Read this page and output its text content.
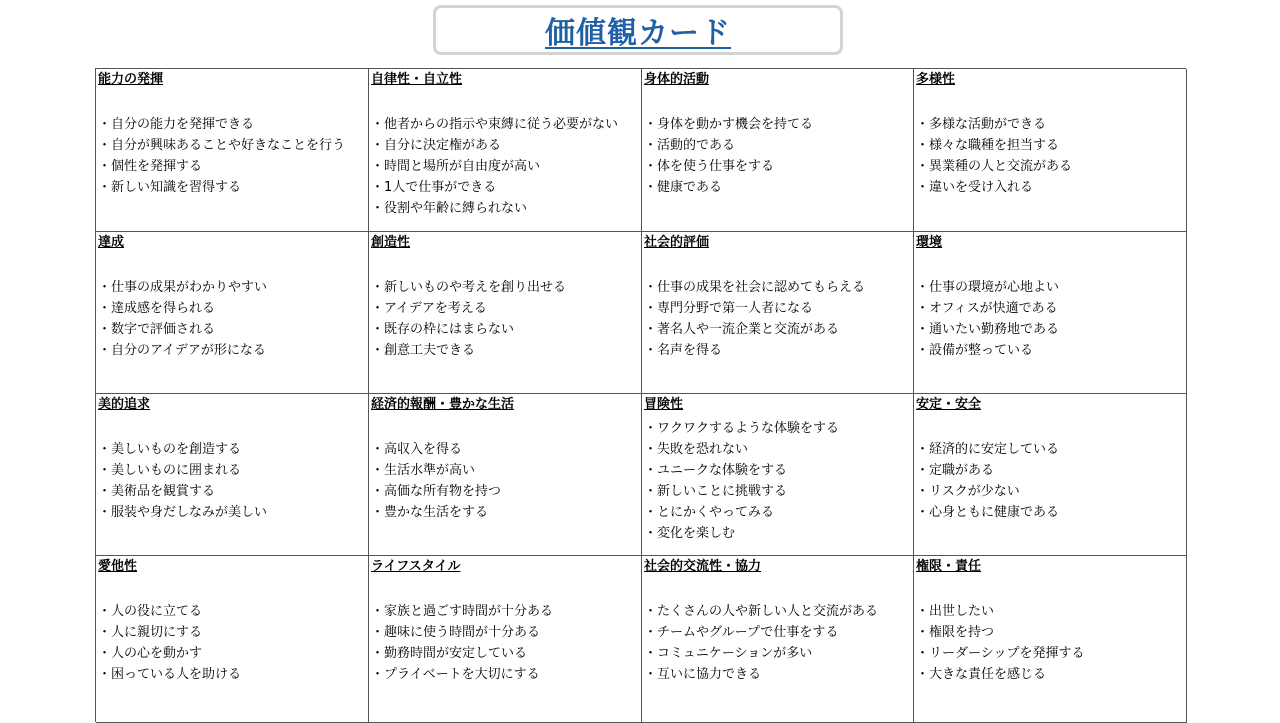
価値観カード
能力の発揮
・ 自分の能力を発揮できる
・ 自分が興味あることや好きなことを行う
・ 個性を発揮する
・ 新しい知識を習得する
自律性・自立性
・ 他者からの指示や束縛に従う必要がない
・ 自分に決定権がある
・ 時間と場所が自由度が高い
・ 1人で仕事ができる
・ 役割や年齢に縛られない
身体的活動
・ 身体を動かす機会を持てる
・ 活動的である
・ 体を使う仕事をする
・ 健康である
多様性
・ 多様な活動ができる
・ 様々な職種を担当する
・ 異業種の人と交流がある
・ 違いを受け入れる
達成
・ 仕事の成果がわかりやすい
・ 達成感を得られる
・ 数字で評価される
・ 自分のアイデアが形になる
創造性
・ 新しいものや考えを創り出せる
・ アイデアを考える
・ 既存の枠にはまらない
・ 創意工夫できる
社会的評価
・ 仕事の成果を社会に認めてもらえる
・ 専門分野で第一人者になる
・ 著名人や一流企業と交流がある
・ 名声を得る
環境
・ 仕事の環境が心地よい
・ オフィスが快適である
・ 通いたい勤務地である
・ 設備が整っている
美的追求
・ 美しいものを創造する
・ 美しいものに囲まれる
・ 美術品を観賞する
・ 服装や身だしなみが美しい
経済的報酬・豊かな生活
・ 高収入を得る
・ 生活水準が高い
・ 高価な所有物を持つ
・ 豊かな生活をする
冒険性
・ ワクワクするような体験をする
・ 失敗を恐れない
・ ユニークな体験をする
・ 新しいことに挑戦する
・ とにかくやってみる
・ 変化を楽しむ
安定・安全
・ 経済的に安定している
・ 定職がある
・ リスクが少ない
・ 心身ともに健康である
愛他性
・ 人の役に立てる
・ 人に親切にする
・ 人の心を動かす
・ 困っている人を助ける
ライフスタイル
・ 家族と過ごす時間が十分ある
・ 趣味に使う時間が十分ある
・ 勤務時間が安定している
・ プライベートを大切にする
社会的交流性・協力
・ たくさんの人や新しい人と交流がある
・ チームやグループで仕事をする
・ コミュニケーションが多い
・ 互いに協力できる
権限・責任
・ 出世したい
・ 権限を持つ
・ リーダーシップを発揮する
・ 大きな責任を感じる
